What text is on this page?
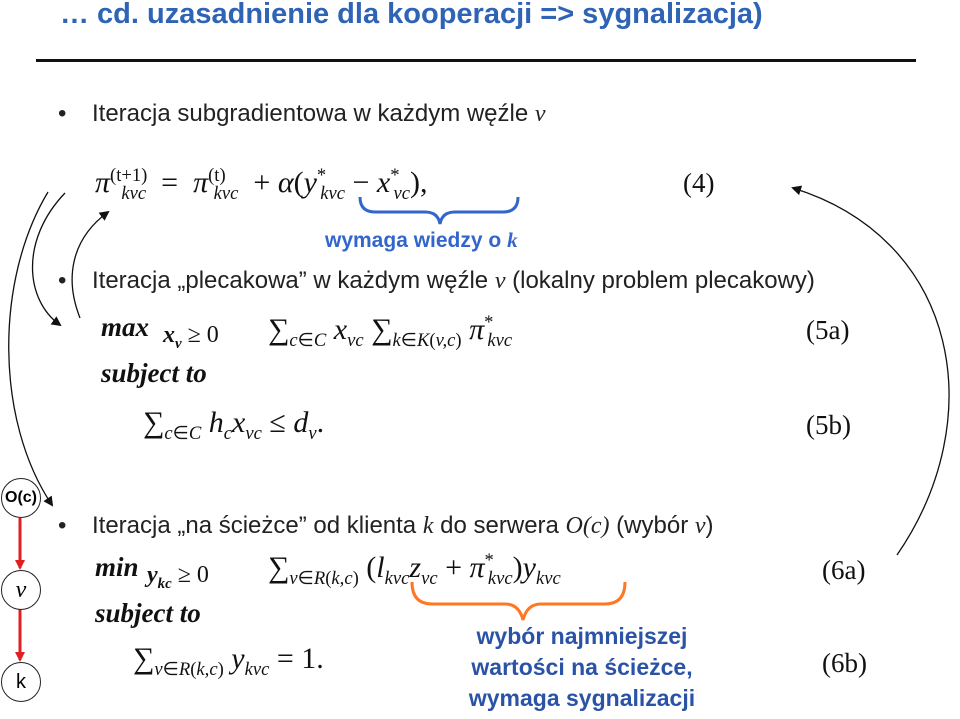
… cd. uzasadnienie dla kooperacji => sygnalizacja)
• Iteracja subgradientowa w każdym węźle v
$\pi^{(t+1)}_{kvc} = \pi^{(t)}_{kvc} + \alpha(y^*_{kvc} - x^*_{vc})$,	(4)
wymaga wiedzy o k
• Iteracja „plecakowa” w każdym węźle v (lokalny problem plecakowy)
$\max x_v \ge 0$ $\sum_{c\in C}$ $x_{vc}$ $\sum_{k\in K(v,c)}$ $\pi^*_{kvc}$	(5a)
subject to
$\sum_{c\in C}$ $h_cx_{vc} \le d_v$.	(5b)
• Iteracja „na ścieżce” od klienta k do serwera O(c) (wybór v)
$\min y_{kc} \ge 0$ $\sum_{v\in R(k,c)}$ $(l_{kvc}z_{vc} + \pi^*_{kvc})y_{kvc}$	(6a)
subject to
$\sum_{v\in R(k,c)}$ $y_{kvc} = 1$.	(6b)
wybór najmniejszej
wartości na ścieżce,
wymaga sygnalizacji
O(c)
v
k
